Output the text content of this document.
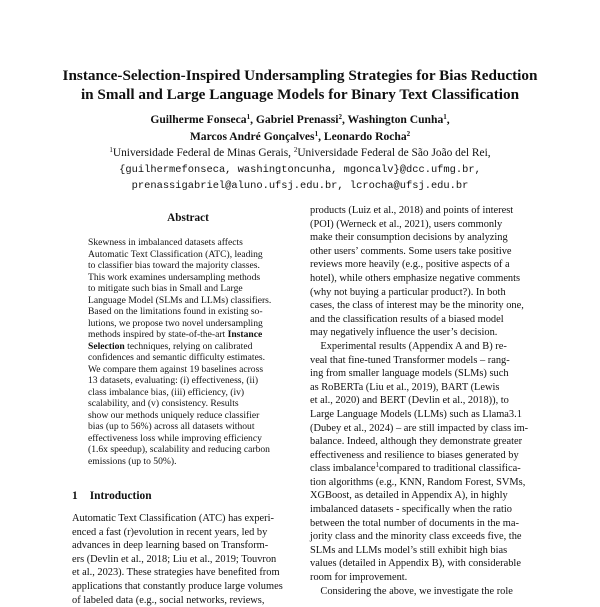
Instance-Selection-Inspired Undersampling Strategies for Bias Reduction
in Small and Large Language Models for Binary Text Classification
Guilherme Fonseca$^1$, Gabriel Prenassi$^2$, Washington Cunha$^1$,
Marcos André Gonçalves$^1$, Leonardo Rocha$^2$
$^1$Universidade Federal de Minas Gerais, $^2$Universidade Federal de São João del Rei,
{guilhermefonseca, washingtoncunha, mgoncalv}@dcc.ufmg.br,
prenassigabriel@aluno.ufsj.edu.br, lcrocha@ufsj.edu.br
Abstract
Skewness in imbalanced datasets affects
Automatic Text Classification (ATC), leading
to classifier bias toward the majority classes.
This work examines undersampling methods
to mitigate such bias in Small and Large
Language Model (SLMs and LLMs) classifiers.
Based on the limitations found in existing so-
lutions, we propose two novel undersampling
methods inspired by state-of-the-art Instance
Selection techniques, relying on calibrated
confidences and semantic difficulty estimates.
We compare them against 19 baselines across
13 datasets, evaluating: (i) effectiveness, (ii)
class imbalance bias, (iii) efficiency, (iv)
scalability, and (v) consistency. Results
show our methods uniquely reduce classifier
bias (up to 56%) across all datasets without
effectiveness loss while improving efficiency
(1.6x speedup), scalability and reducing carbon
emissions (up to 50%).
1 Introduction
Automatic Text Classification (ATC) has experi-
enced a fast (r)evolution in recent years, led by
advances in deep learning based on Transform-
ers (Devlin et al., 2018; Liu et al., 2019; Touvron
et al., 2023). These strategies have benefited from
applications that constantly produce large volumes
of labeled data (e.g., social networks, reviews,
products (Luiz et al., 2018) and points of interest
(POI) (Werneck et al., 2021), users commonly
make their consumption decisions by analyzing
other users’ comments. Some users take positive
reviews more heavily (e.g., positive aspects of a
hotel), while others emphasize negative comments
(why not buying a particular product?). In both
cases, the class of interest may be the minority one,
and the classification results of a biased model
may negatively influence the user’s decision.
Experimental results (Appendix A and B) re-
veal that fine-tuned Transformer models – rang-
ing from smaller language models (SLMs) such
as RoBERTa (Liu et al., 2019), BART (Lewis
et al., 2020) and BERT (Devlin et al., 2018)), to
Large Language Models (LLMs) such as Llama3.1
(Dubey et al., 2024) – are still impacted by class im-
balance. Indeed, although they demonstrate greater
effectiveness and resilience to biases generated by
class imbalance$^1$compared to traditional classifica-
tion algorithms (e.g., KNN, Random Forest, SVMs,
XGBoost, as detailed in Appendix A), in highly
imbalanced datasets - specifically when the ratio
between the total number of documents in the ma-
jority class and the minority class exceeds five, the
SLMs and LLMs model’s still exhibit high bias
values (detailed in Appendix B), with considerable
room for improvement.
Considering the above, we investigate the role
